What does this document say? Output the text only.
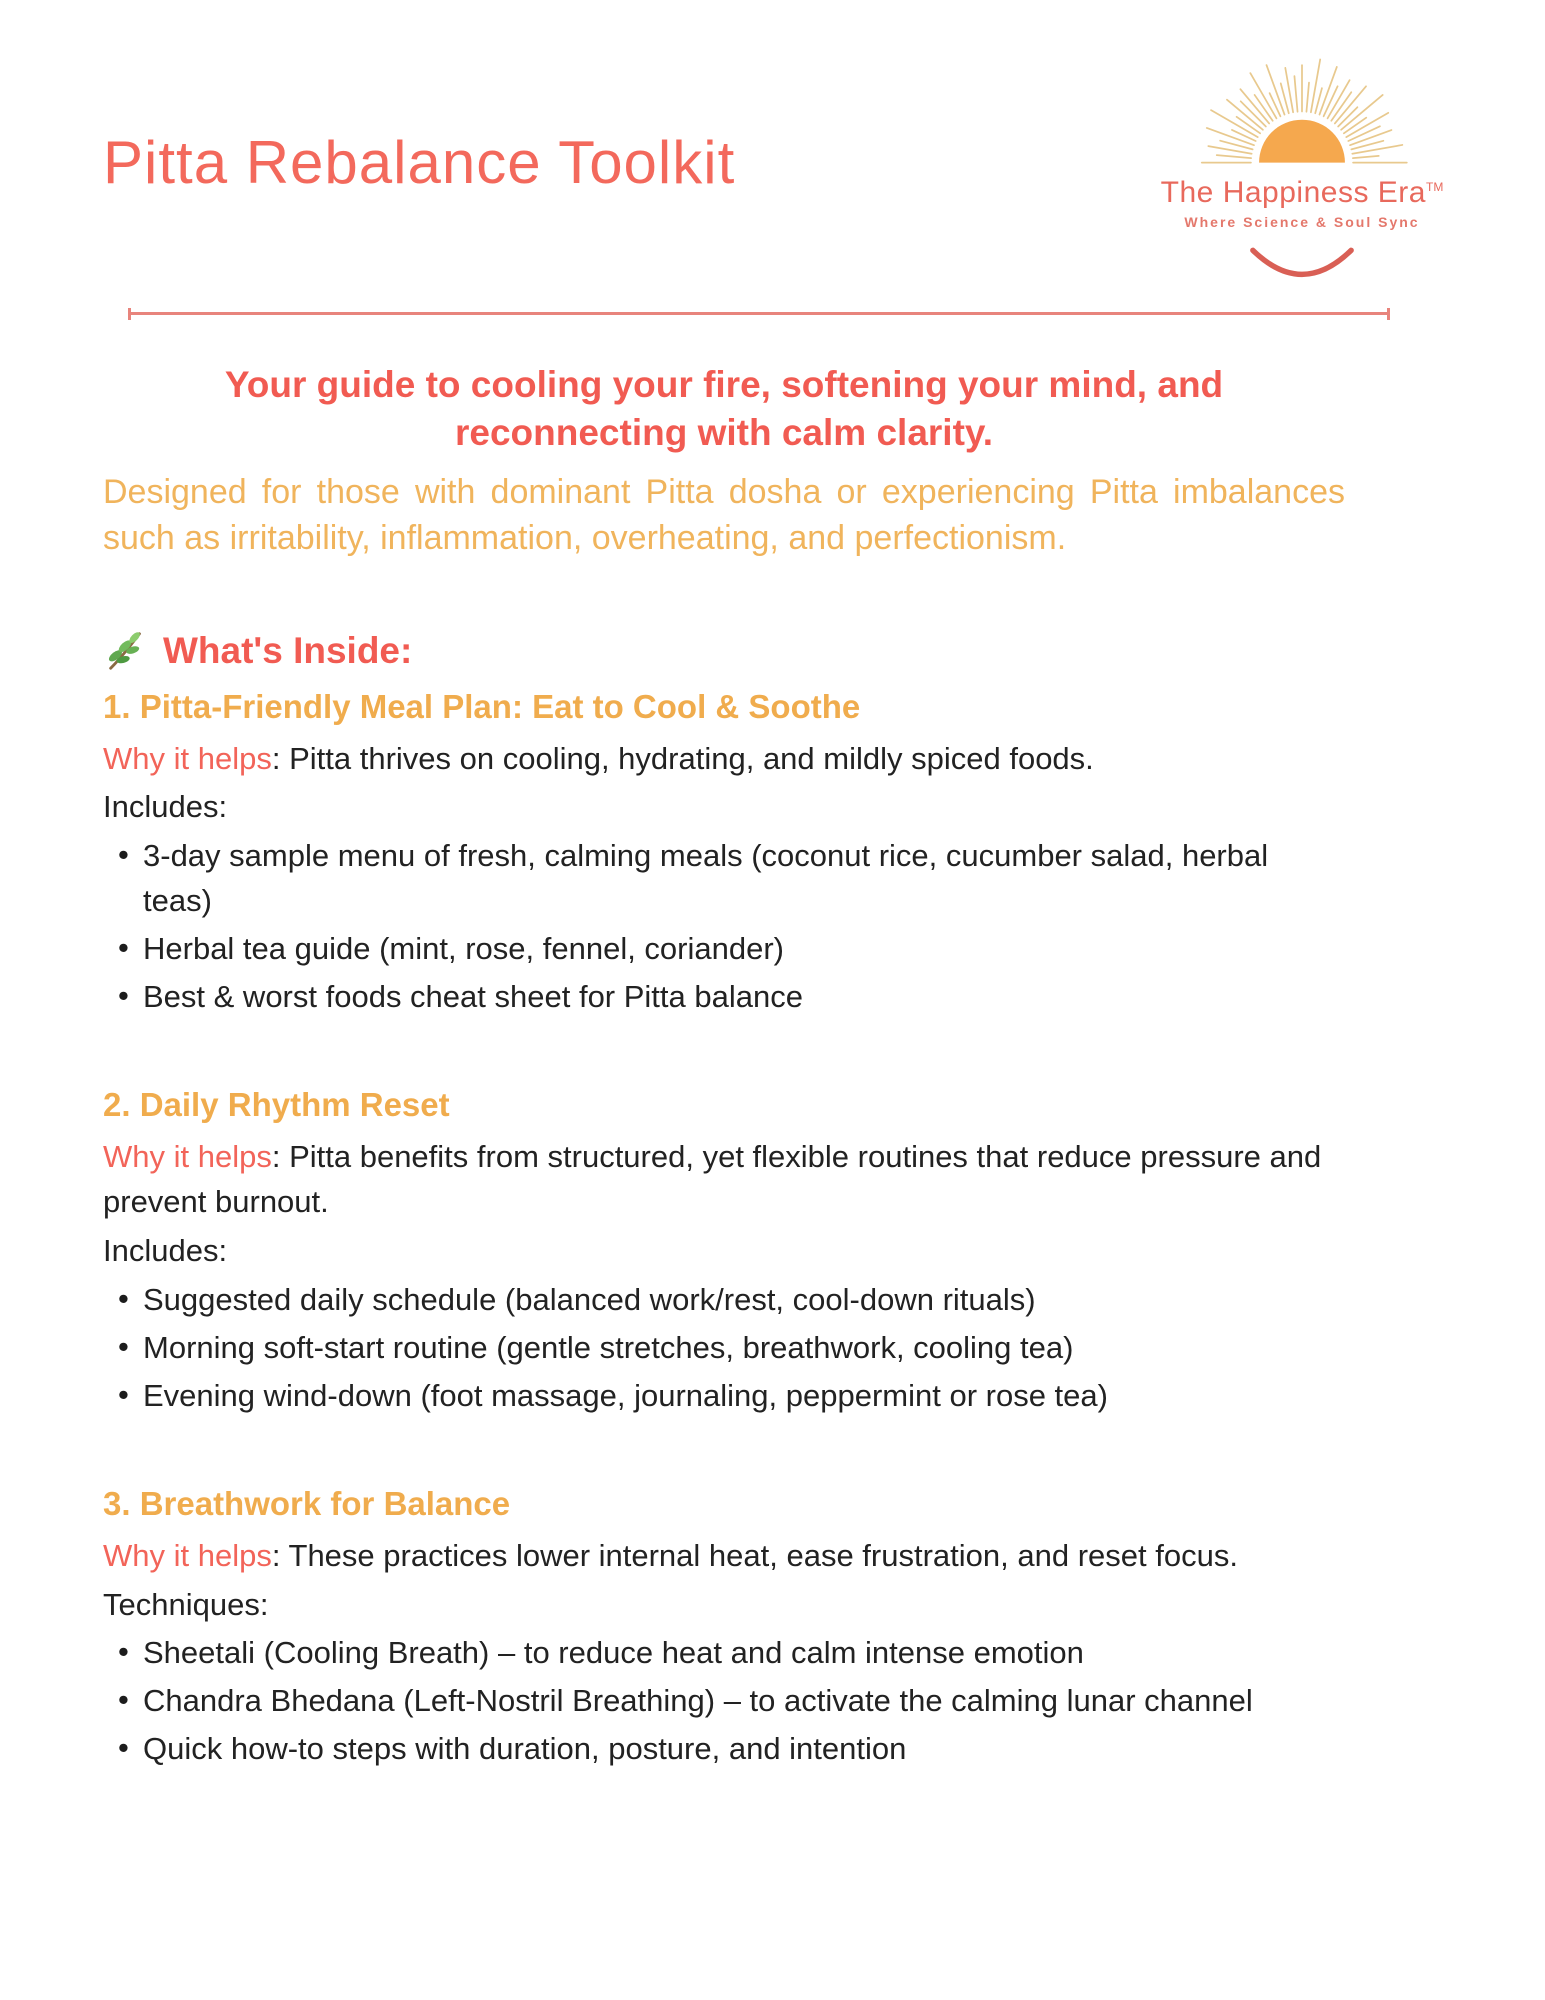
Pitta Rebalance Toolkit	The Happiness Era™
Where Science & Soul Sync
Your guide to cooling your fire, softening your mind, and reconnecting with calm clarity.
Designed for those with dominant Pitta dosha or experiencing Pitta imbalances such as irritability, inflammation, overheating, and perfectionism.
What's Inside:
1. Pitta-Friendly Meal Plan: Eat to Cool & Soothe
Why it helps: Pitta thrives on cooling, hydrating, and mildly spiced foods.
Includes:
• 3-day sample menu of fresh, calming meals (coconut rice, cucumber salad, herbal teas)
• Herbal tea guide (mint, rose, fennel, coriander)
• Best & worst foods cheat sheet for Pitta balance
2. Daily Rhythm Reset
Why it helps: Pitta benefits from structured, yet flexible routines that reduce pressure and prevent burnout.
Includes:
• Suggested daily schedule (balanced work/rest, cool-down rituals)
• Morning soft-start routine (gentle stretches, breathwork, cooling tea)
• Evening wind-down (foot massage, journaling, peppermint or rose tea)
3. Breathwork for Balance
Why it helps: These practices lower internal heat, ease frustration, and reset focus.
Techniques:
• Sheetali (Cooling Breath) – to reduce heat and calm intense emotion
• Chandra Bhedana (Left-Nostril Breathing) – to activate the calming lunar channel
• Quick how-to steps with duration, posture, and intention
